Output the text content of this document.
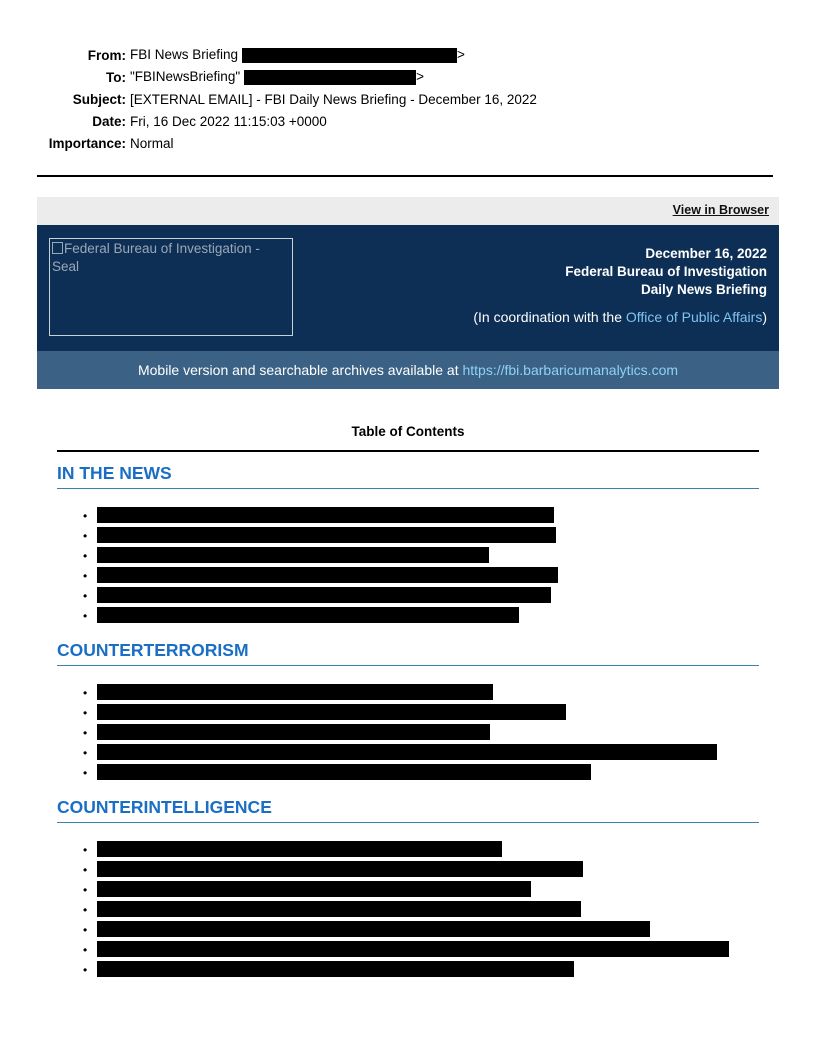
From: FBI News Briefing	>
To: "FBINewsBriefing"	>
Subject: [EXTERNAL EMAIL] - FBI Daily News Briefing - December 16, 2022
Date: Fri, 16 Dec 2022 11:15:03 +0000
Importance: Normal
View in Browser
Federal Bureau of Investigation - Seal
December 16, 2022
Federal Bureau of Investigation
Daily News Briefing
(In coordination with the Office of Public Affairs)
Mobile version and searchable archives available at https://fbi.barbaricumanalytics.com
Table of Contents
IN THE NEWS
•
•
•
•
•
•
COUNTERTERRORISM
•
•
•
•
•
COUNTERINTELLIGENCE
•
•
•
•
•
•
•
